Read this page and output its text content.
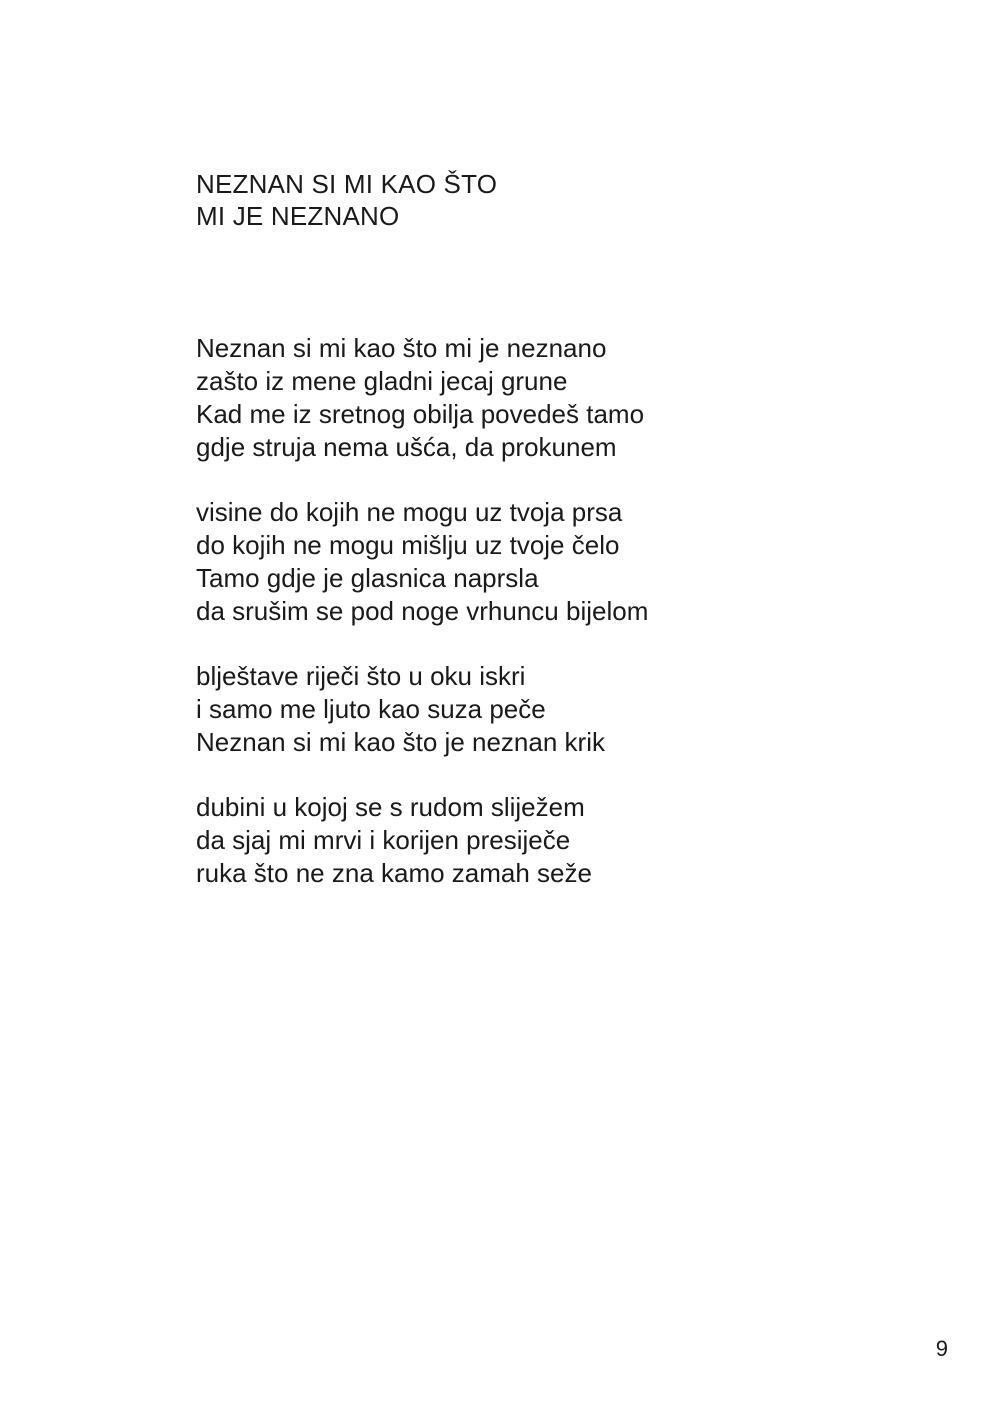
NEZNAN SI MI KAO ŠTO
MI JE NEZNANO

Neznan si mi kao što mi je neznano
zašto iz mene gladni jecaj grune
Kad me iz sretnog obilja povedeš tamo
gdje struja nema ušća, da prokunem

visine do kojih ne mogu uz tvoja prsa
do kojih ne mogu mišlju uz tvoje čelo
Tamo gdje je glasnica naprsla
da srušim se pod noge vrhuncu bijelom

blještave riječi što u oku iskri
i samo me ljuto kao suza peče
Neznan si mi kao što je neznan krik

dubini u kojoj se s rudom sliježem
da sjaj mi mrvi i korijen presiječe
ruka što ne zna kamo zamah seže

9
